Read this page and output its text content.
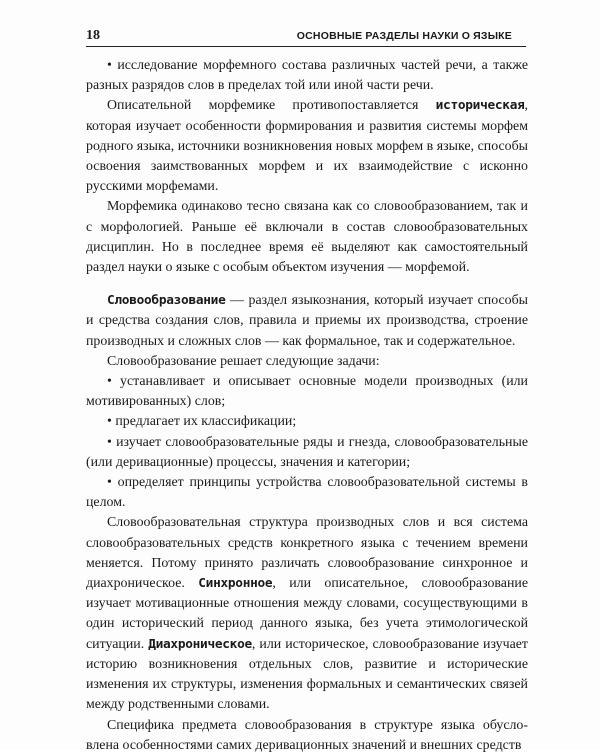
18	ОСНОВНЫЕ РАЗДЕЛЫ НАУКИ О ЯЗЫКЕ

• исследование морфемного состава различных частей речи, а также разных разрядов слов в пределах той или иной части речи.

Описательной морфемике противопоставляется историческая, которая изучает особенности формирования и развития системы морфем родного языка, источники возникновения новых морфем в языке, способы освоения заимствованных морфем и их взаимодействие с исконно русскими морфемами.

Морфемика одинаково тесно связана как со словообразованием, так и с морфологией. Раньше её включали в состав словообразовательных дисциплин. Но в последнее время её выделяют как самостоятельный раздел науки о языке с особым объектом изучения — морфемой.

Словообразование — раздел языкознания, который изучает способы и средства создания слов, правила и приемы их производства, строение производных и сложных слов — как формальное, так и содержательное.

Словообразование решает следующие задачи:

• устанавливает и описывает основные модели производных (или мотивированных) слов;

• предлагает их классификации;

• изучает словообразовательные ряды и гнезда, словообразовательные (или деривационные) процессы, значения и категории;

• определяет принципы устройства словообразовательной системы в целом.

Словообразовательная структура производных слов и вся система словообразовательных средств конкретного языка с течением времени меняется. Потому принято различать словообразование синхронное и диахроническое. Синхронное, или описательное, словообразование изучает мотивационные отношения между словами, сосуществующими в один исторический период данного языка, без учета этимологической ситуации. Диахроническое, или историческое, словообразование изучает историю возникновения отдельных слов, развитие и исторические изменения их структуры, изменения формальных и семантических связей между родственными словами.

Специфика предмета словообразования в структуре языка обусловлена особенностями самих деривационных значений и внешних средств
